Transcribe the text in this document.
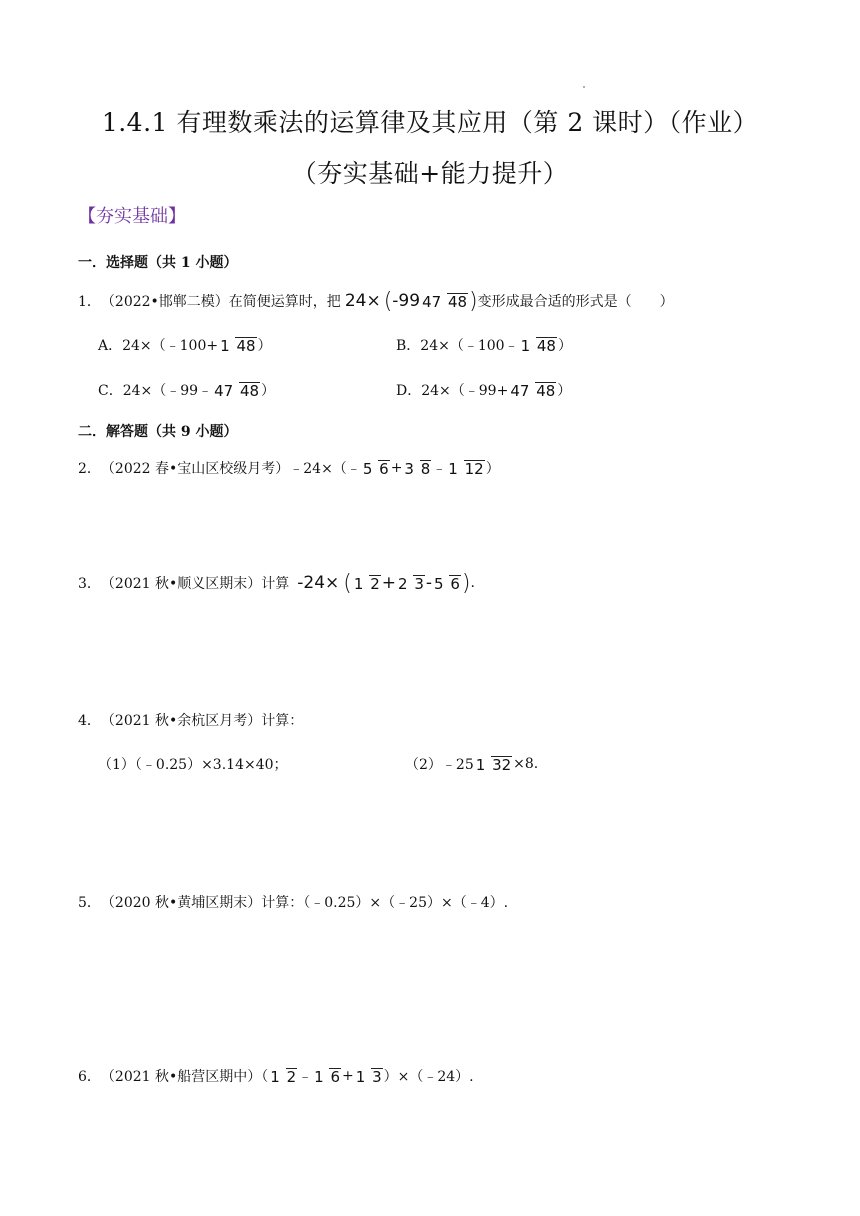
1.4.1 有理数乘法的运算律及其应用（第 2 课时）（作业）
（夯实基础+能力提升）
【夯实基础】
一．选择题（共 1 小题）
1． （2022•邯郸二模）在简便运算时，把 24× ( -99 47 48 ) 变形成最合适的形式是（　　）
A．24×（﹣100+ 1 48 ）	B．24×（﹣100﹣ 1 48 ）
C．24×（﹣99﹣ 47 48 ）	D．24×（﹣99+ 47 48 ）
二．解答题（共 9 小题）
2． （2022 春•宝山区校级月考）﹣24×（﹣ 5 6 + 3 8 ﹣ 1 12 ）
3． （2021 秋•顺义区期末）计算 -24× ( 1 2 + 2 3 - 5 6 ) .
4． （2021 秋•余杭区月考）计算：
（1）（﹣0.25）×3.14×40；	（2）﹣25 1 32 ×8.
5． （2020 秋•黄埔区期末）计算：（﹣0.25）×（﹣25）×（﹣4）.
6． （2021 秋•船营区期中）（ 1 2 ﹣ 1 6 + 1 3 ）×（﹣24）.
